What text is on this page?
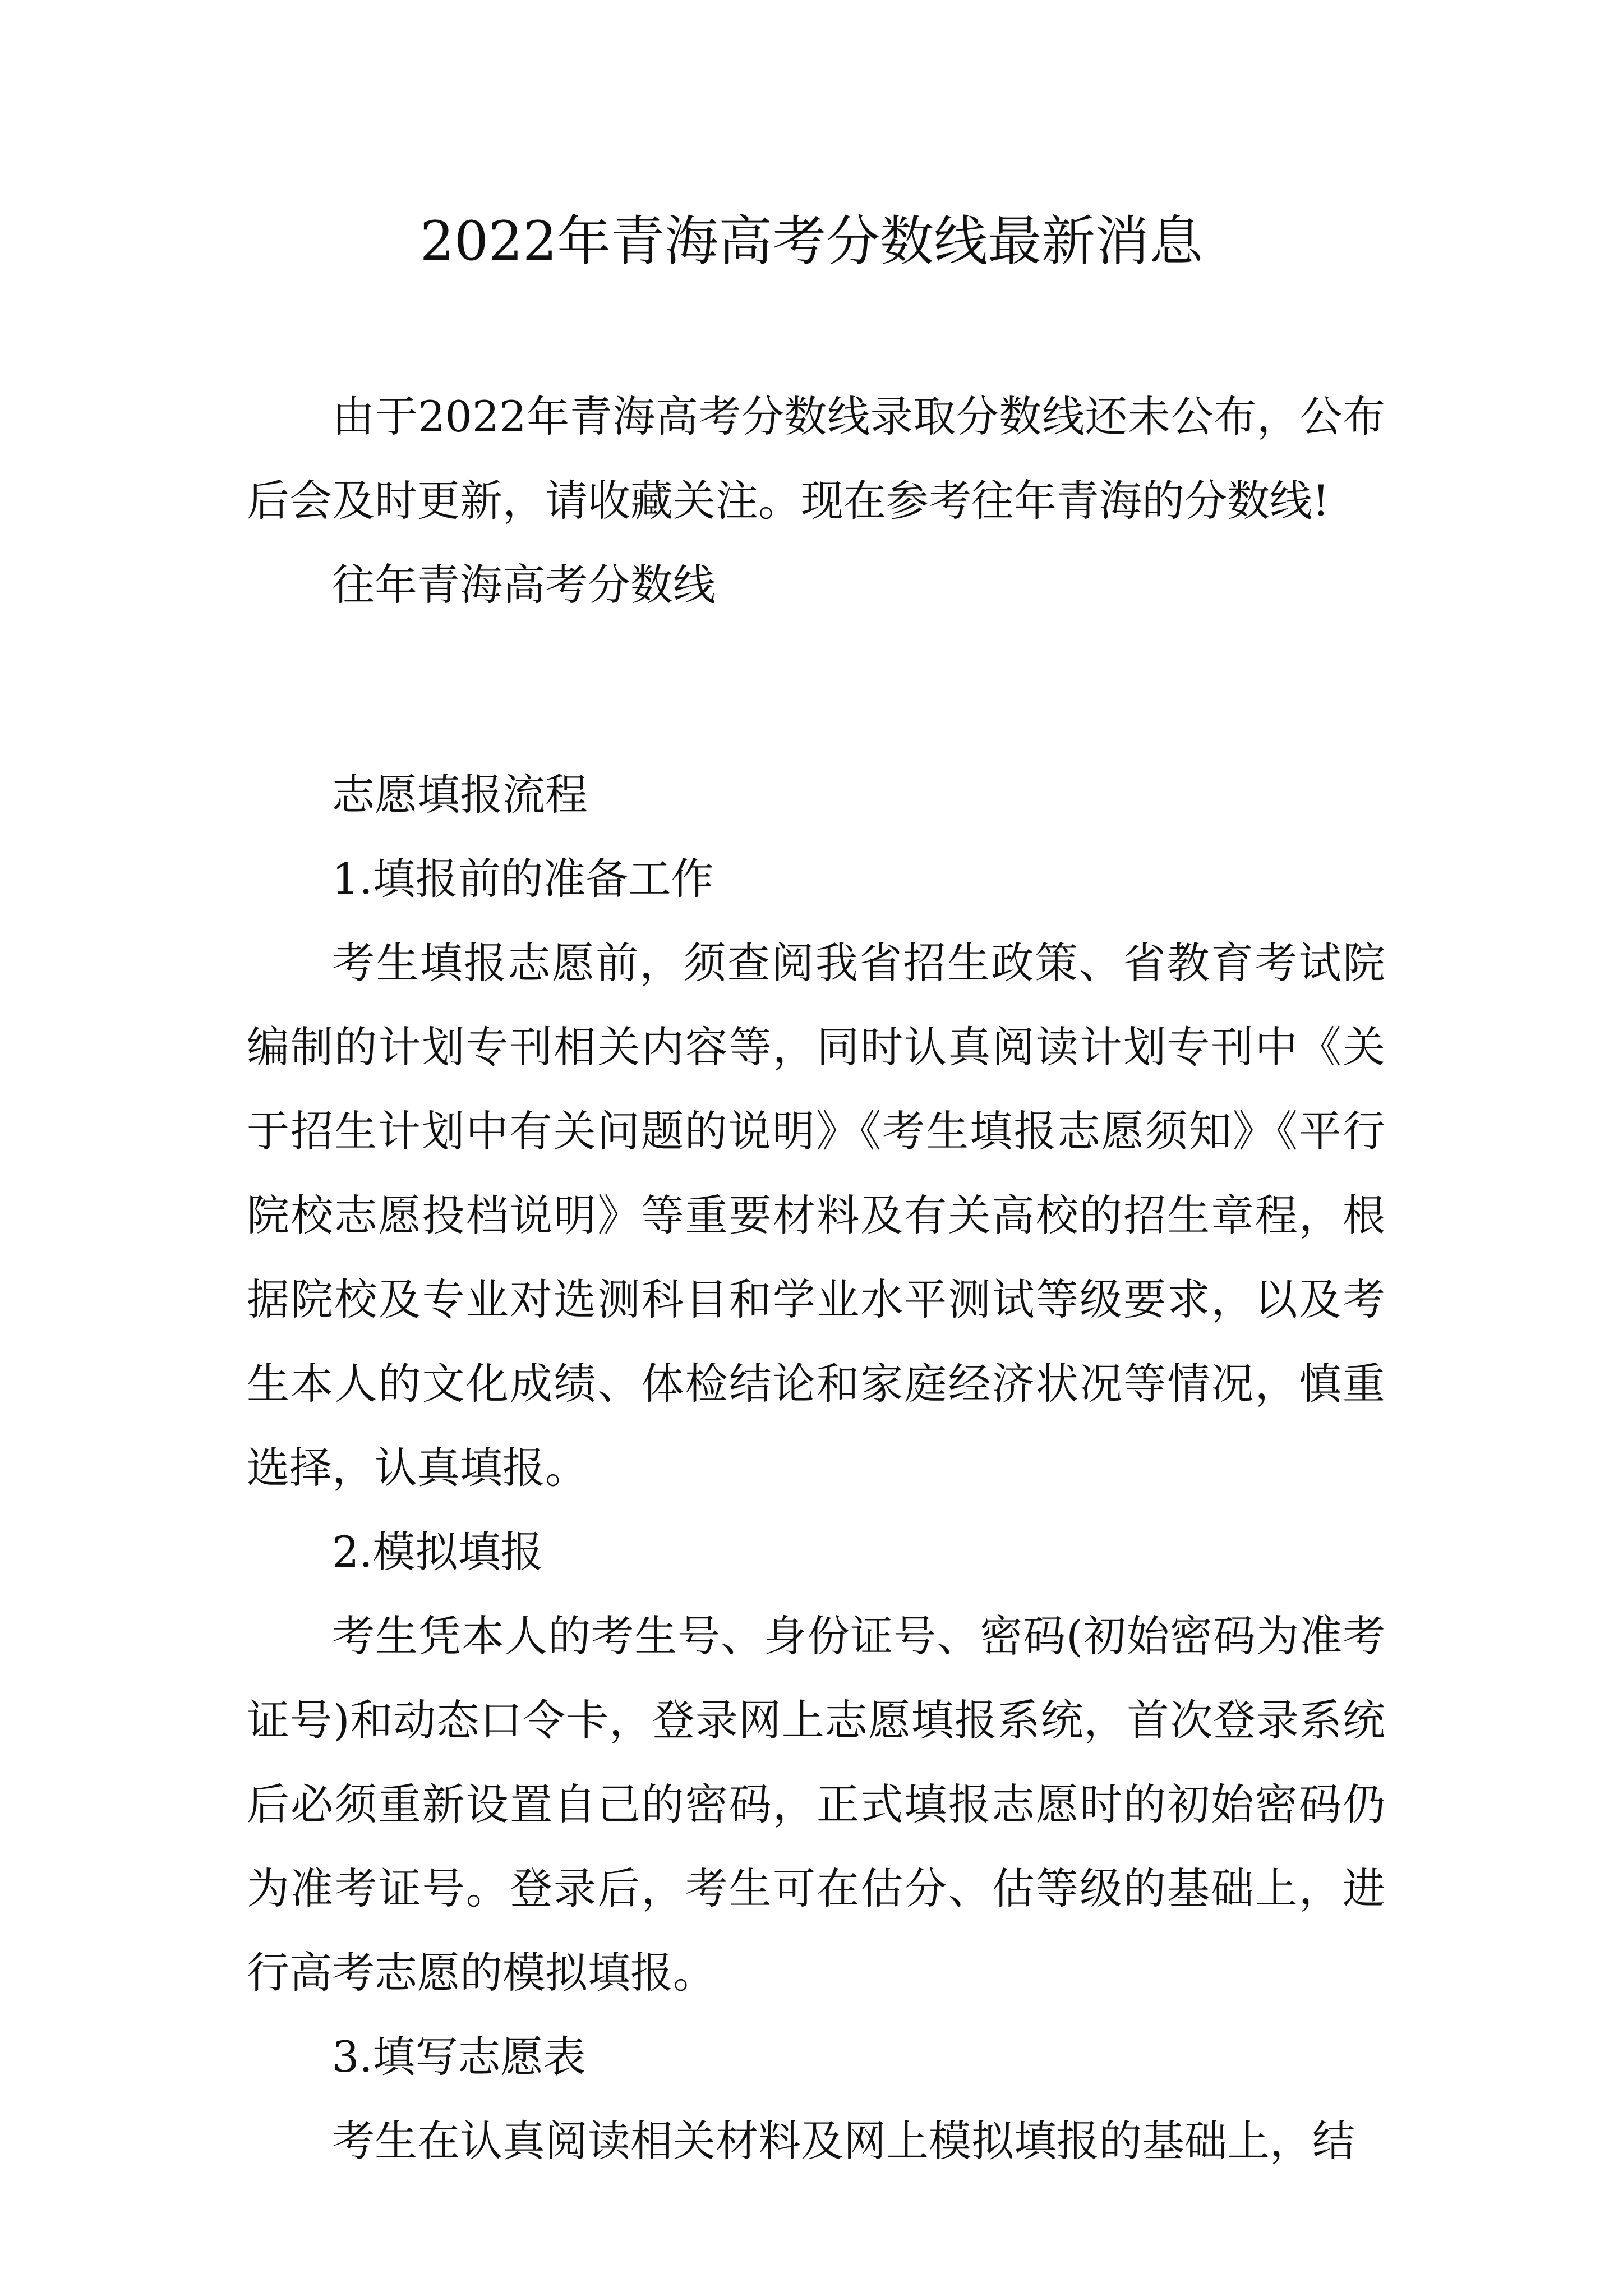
2022年青海高考分数线最新消息

由于2022年青海高考分数线录取分数线还未公布，公布后会及时更新，请收藏关注。现在参考往年青海的分数线!

往年青海高考分数线

志愿填报流程

1.填报前的准备工作

考生填报志愿前，须查阅我省招生政策、省教育考试院编制的计划专刊相关内容等，同时认真阅读计划专刊中《关于招生计划中有关问题的说明》《考生填报志愿须知》《平行院校志愿投档说明》等重要材料及有关高校的招生章程，根据院校及专业对选测科目和学业水平测试等级要求，以及考生本人的文化成绩、体检结论和家庭经济状况等情况，慎重选择，认真填报。

2.模拟填报

考生凭本人的考生号、身份证号、密码(初始密码为准考证号)和动态口令卡，登录网上志愿填报系统，首次登录系统后必须重新设置自己的密码，正式填报志愿时的初始密码仍为准考证号。登录后，考生可在估分、估等级的基础上，进行高考志愿的模拟填报。

3.填写志愿表

考生在认真阅读相关材料及网上模拟填报的基础上，结
